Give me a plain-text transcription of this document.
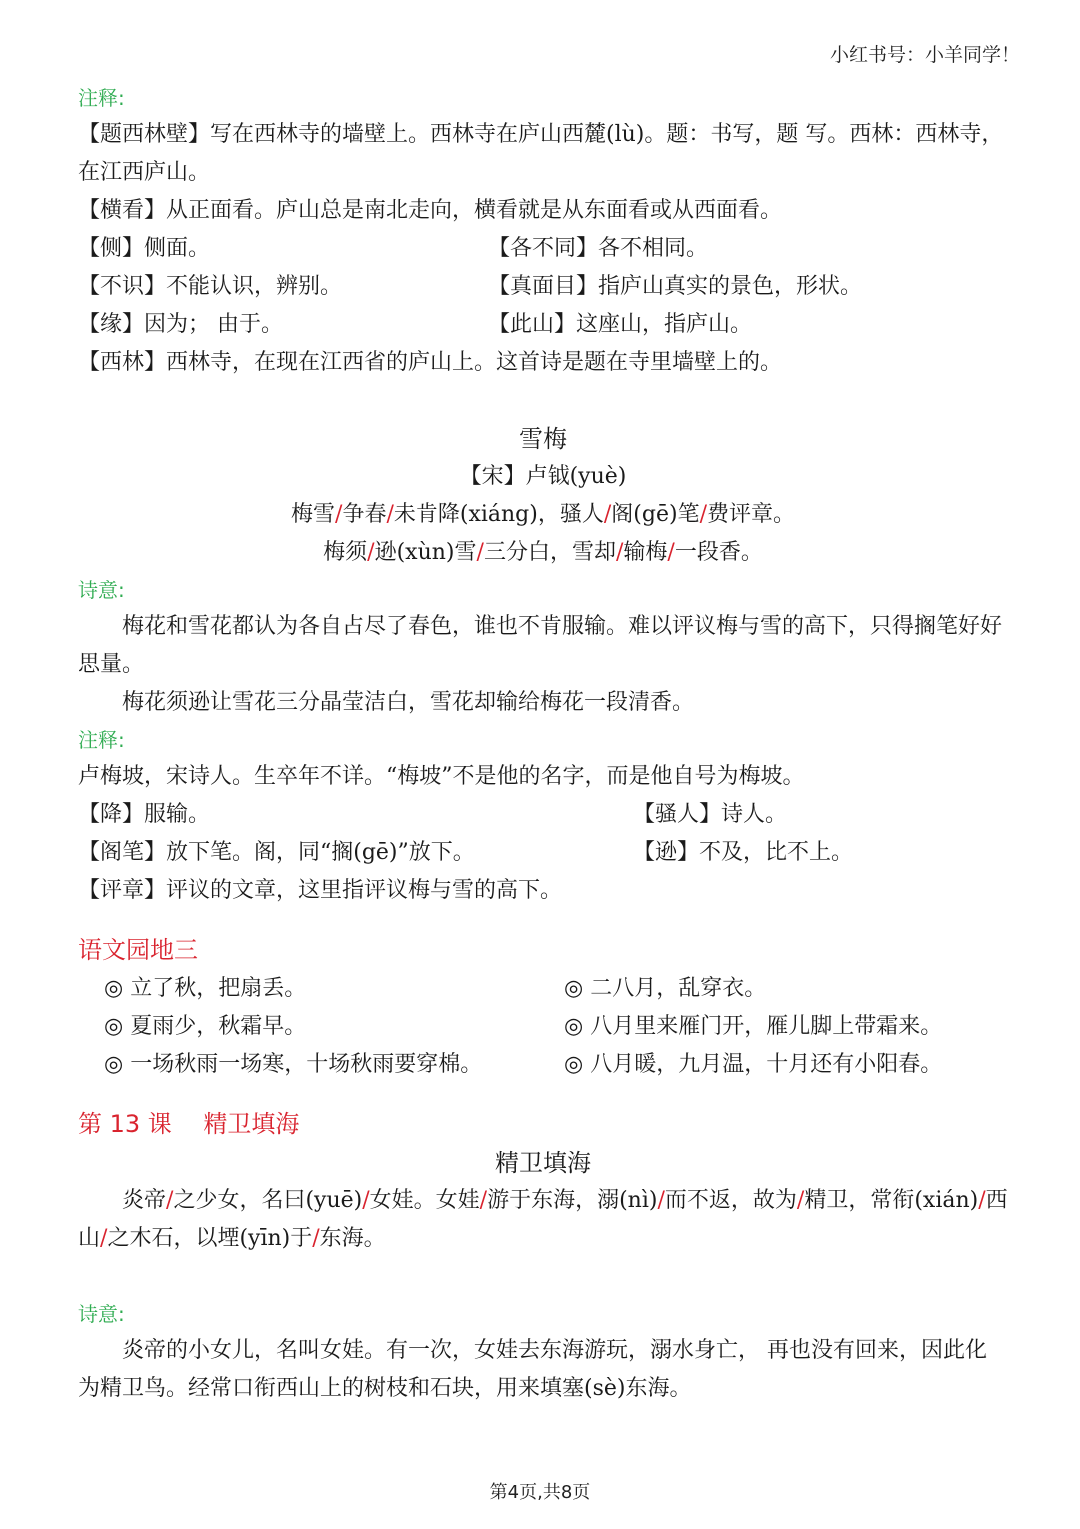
小红书号：小羊同学！
注释:

【题西林壁】写在西林寺的墙壁上。西林寺在庐山西麓(lù)。题：书写，题 写。西林：西林寺，在江西庐山。

【横看】从正面看。庐山总是南北走向，横看就是从东面看或从西面看。

【侧】侧面。	【各不同】各不相同。
【不识】不能认识，辨别。	【真面目】指庐山真实的景色，形状。
【缘】因为； 由于。	【此山】这座山，指庐山。

【西林】西林寺，在现在江西省的庐山上。这首诗是题在寺里墙壁上的。

雪梅
【宋】卢钺(yuè)
梅雪/争春/未肯降(xiáng)，骚人/阁(gē)笔/费评章。
梅须/逊(xùn)雪/三分白，雪却/输梅/一段香。
诗意:

梅花和雪花都认为各自占尽了春色，谁也不肯服输。难以评议梅与雪的高下，只得搁笔好好思量。

梅花须逊让雪花三分晶莹洁白，雪花却输给梅花一段清香。

注释:

卢梅坡，宋诗人。生卒年不详。“梅坡”不是他的名字，而是他自号为梅坡。

【降】服输。	【骚人】诗人。
【阁笔】放下笔。阁，同“搁(gē)”放下。	【逊】不及，比不上。

【评章】评议的文章，这里指评议梅与雪的高下。

语文园地三
◎ 立了秋，把扇丢。	◎ 二八月，乱穿衣。
◎ 夏雨少，秋霜早。	◎ 八月里来雁门开，雁儿脚上带霜来。
◎ 一场秋雨一场寒，十场秋雨要穿棉。	◎ 八月暖，九月温，十月还有小阳春。
第 13 课　 精卫填海
精卫填海

炎帝/之少女，名曰(yuē)/女娃。女娃/游于东海，溺(nì)/而不返，故为/精卫，常衔(xián)/西山/之木石，以堙(yīn)于/东海。

诗意:

炎帝的小女儿，名叫女娃。有一次，女娃去东海游玩，溺水身亡， 再也没有回来，因此化为精卫鸟。经常口衔西山上的树枝和石块，用来填塞(sè)东海。

第4页,共8页
